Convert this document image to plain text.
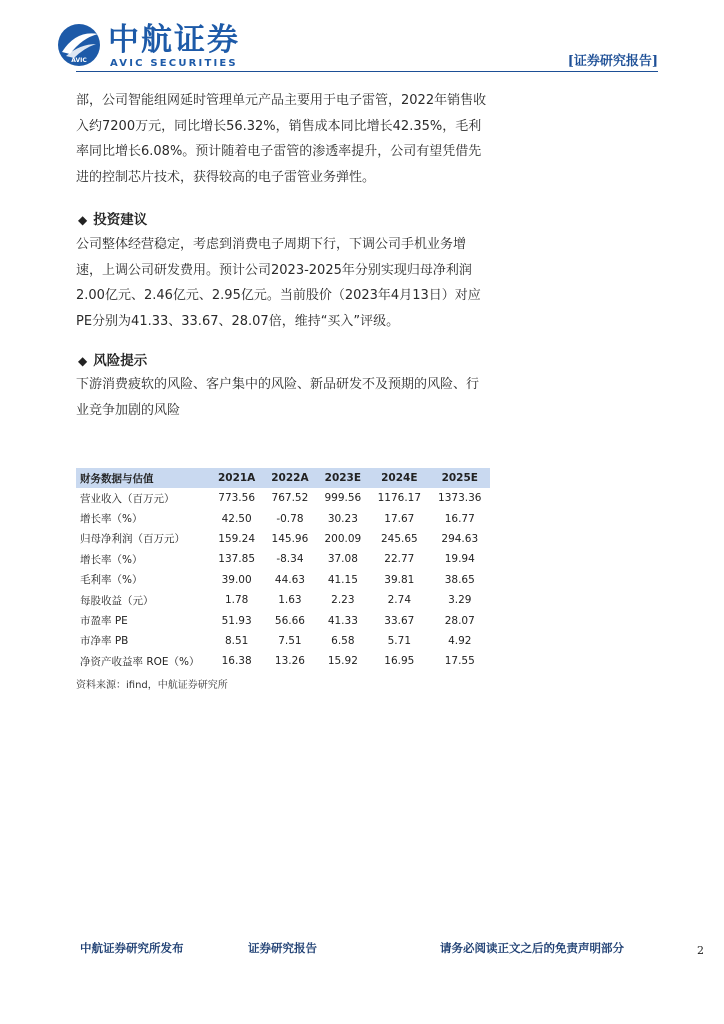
AVIC
中航证券
AVIC SECURITIES	[证券研究报告]

部，公司智能组网延时管理单元产品主要用于电子雷管，2022年销售收入约7200万元，同比增长56.32%，销售成本同比增长42.35%，毛利率同比增长6.08%。预计随着电子雷管的渗透率提升，公司有望凭借先进的控制芯片技术，获得较高的电子雷管业务弹性。

◆ 投资建议

公司整体经营稳定，考虑到消费电子周期下行，下调公司手机业务增速，上调公司研发费用。预计公司2023-2025年分别实现归母净利润2.00亿元、2.46亿元、2.95亿元。当前股价（2023年4月13日）对应PE分别为41.33、33.67、28.07倍，维持“买入”评级。

◆ 风险提示

下游消费疲软的风险、客户集中的风险、新品研发不及预期的风险、行业竞争加剧的风险

财务数据与估值	2021A	2022A	2023E	2024E	2025E
营业收入（百万元）	773.56	767.52	999.56	1176.17	1373.36
增长率（%）	42.50	-0.78	30.23	17.67	16.77
归母净利润（百万元）	159.24	145.96	200.09	245.65	294.63
增长率（%）	137.85	-8.34	37.08	22.77	19.94
毛利率（%）	39.00	44.63	41.15	39.81	38.65
每股收益（元）	1.78	1.63	2.23	2.74	3.29
市盈率 PE	51.93	56.66	41.33	33.67	28.07
市净率 PB	8.51	7.51	6.58	5.71	4.92
净资产收益率 ROE（%）	16.38	13.26	15.92	16.95	17.55
资料来源：ifind，中航证券研究所
中航证券研究所发布	证券研究报告	请务必阅读正文之后的免责声明部分	2
